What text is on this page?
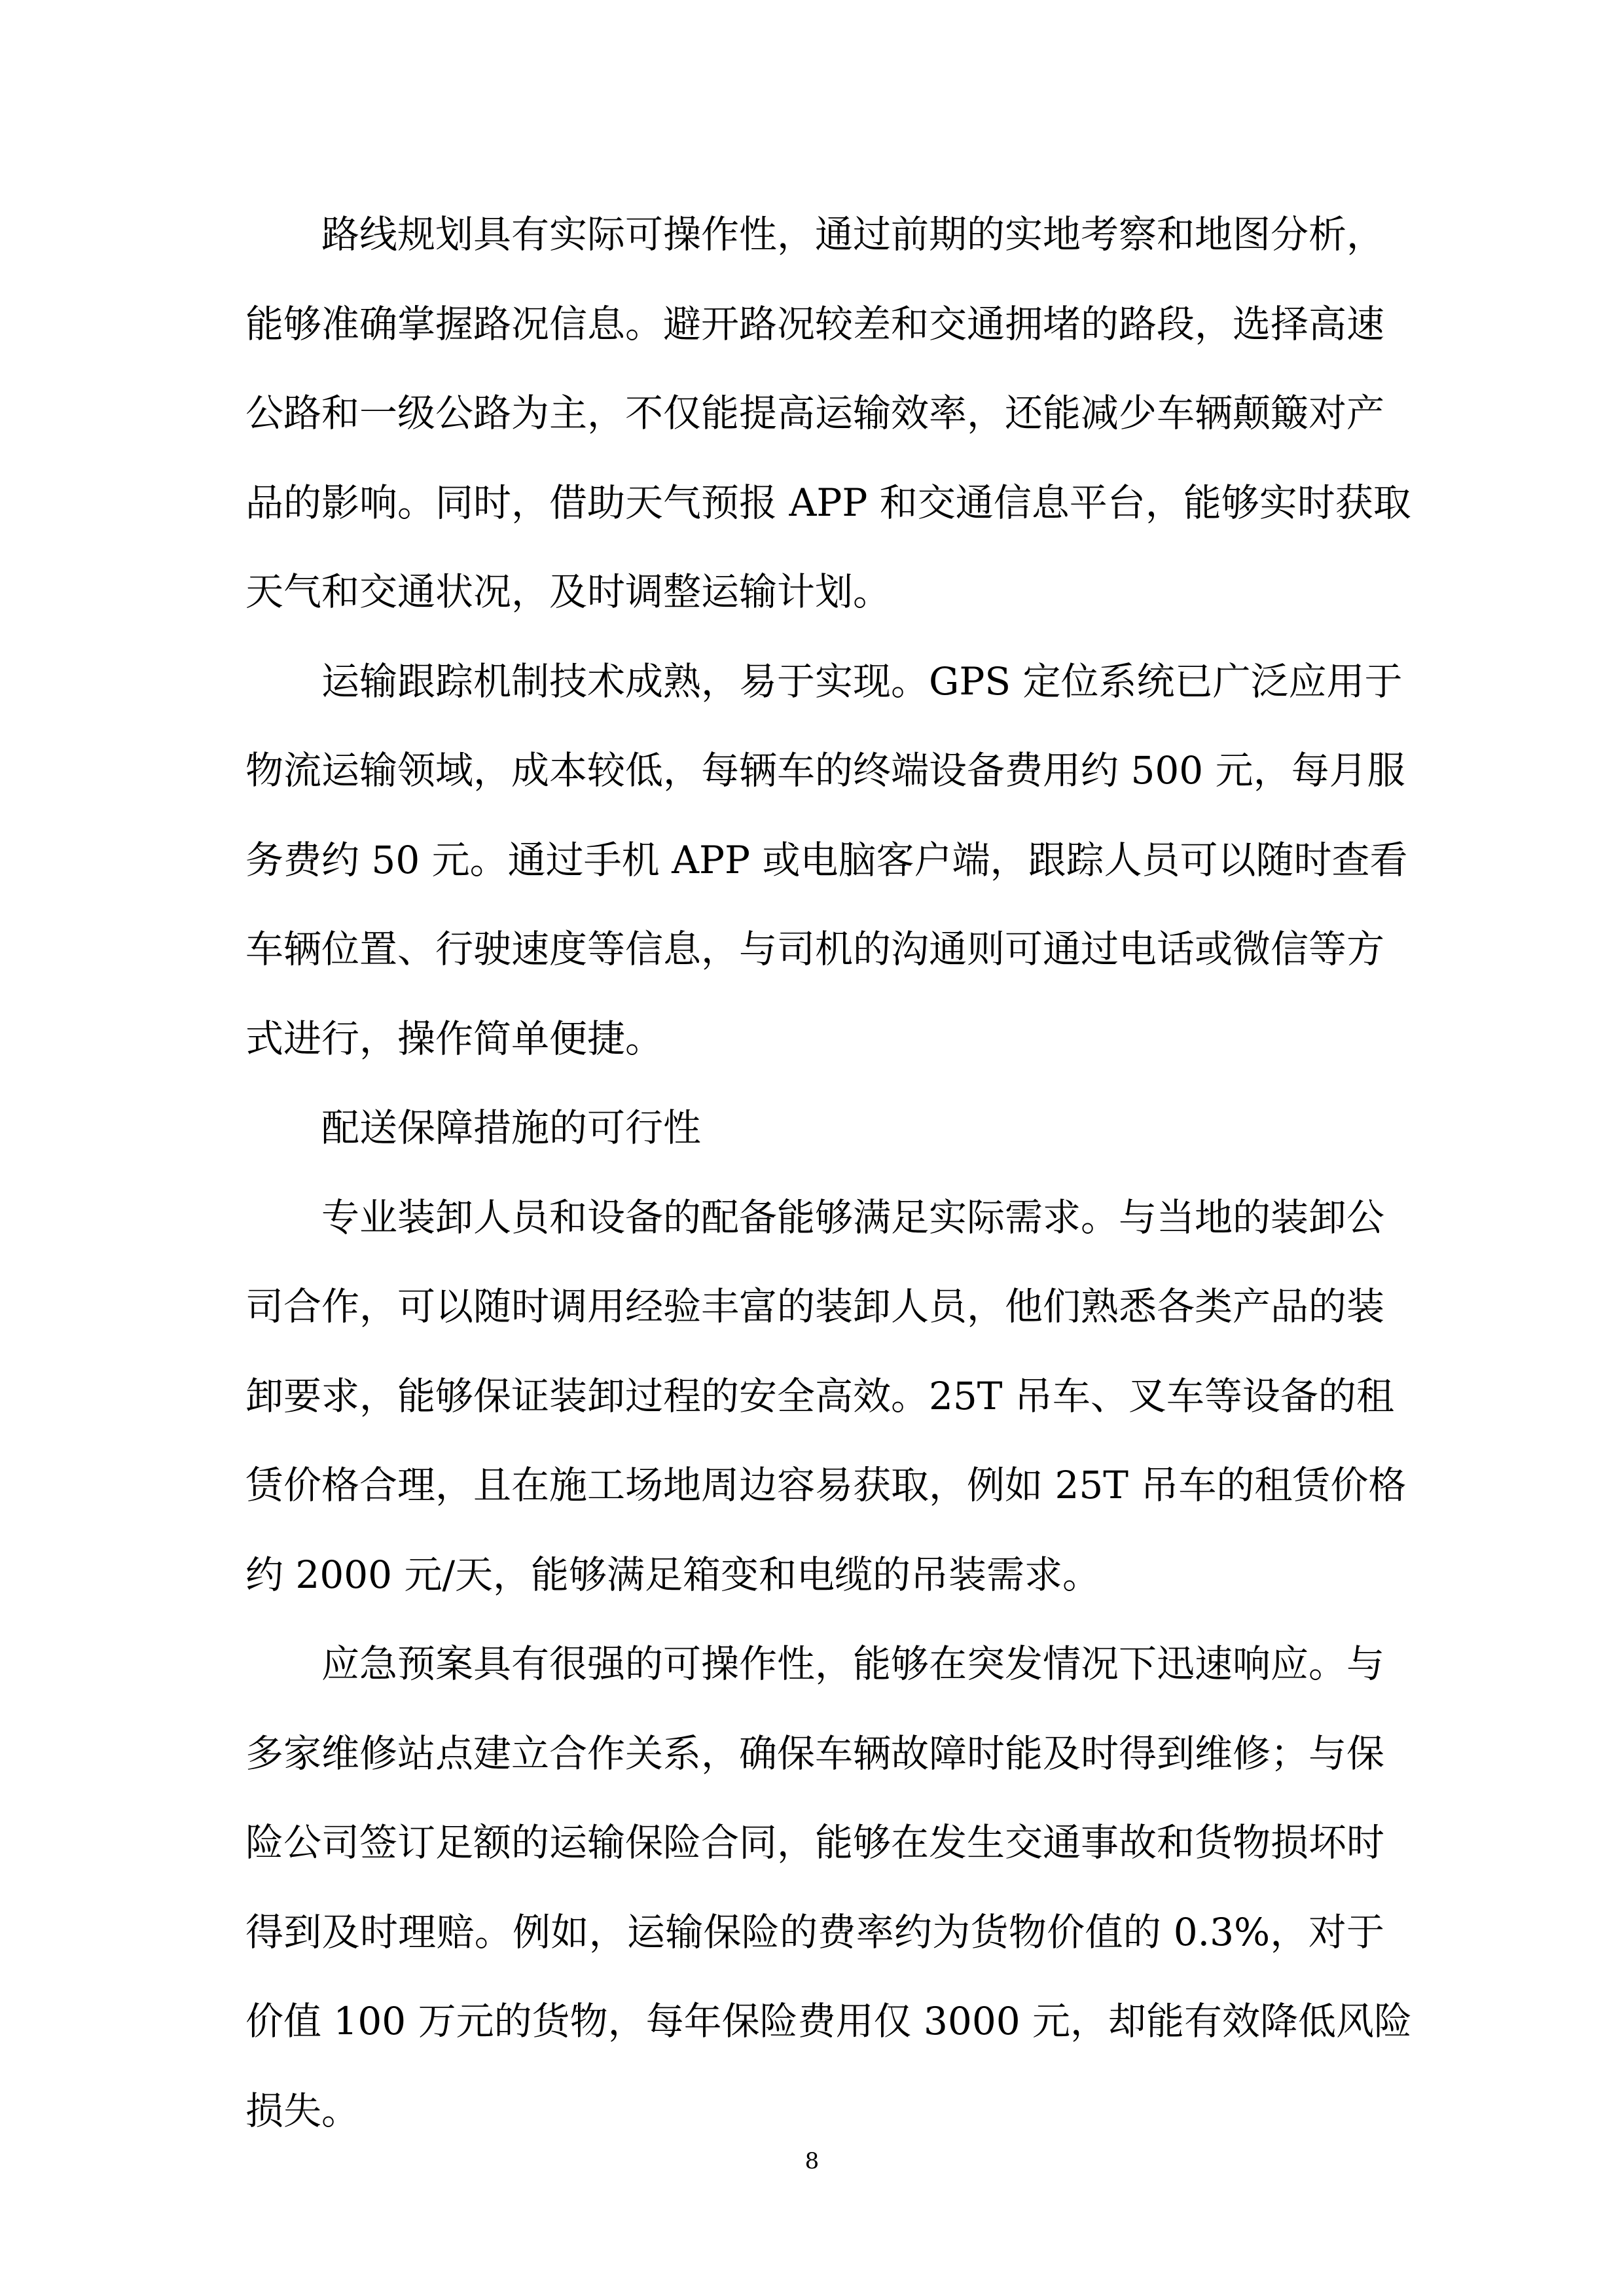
路线规划具有实际可操作性，通过前期的实地考察和地图分析，
能够准确掌握路况信息。避开路况较差和交通拥堵的路段，选择高速
公路和一级公路为主，不仅能提高运输效率，还能减少车辆颠簸对产
品的影响。同时，借助天气预报 APP 和交通信息平台，能够实时获取
天气和交通状况，及时调整运输计划。

运输跟踪机制技术成熟，易于实现。GPS 定位系统已广泛应用于
物流运输领域，成本较低，每辆车的终端设备费用约 500 元，每月服
务费约 50 元。通过手机 APP 或电脑客户端，跟踪人员可以随时查看
车辆位置、行驶速度等信息，与司机的沟通则可通过电话或微信等方
式进行，操作简单便捷。

配送保障措施的可行性

专业装卸人员和设备的配备能够满足实际需求。与当地的装卸公
司合作，可以随时调用经验丰富的装卸人员，他们熟悉各类产品的装
卸要求，能够保证装卸过程的安全高效。25T 吊车、叉车等设备的租
赁价格合理，且在施工场地周边容易获取，例如 25T 吊车的租赁价格
约 2000 元/天，能够满足箱变和电缆的吊装需求。

应急预案具有很强的可操作性，能够在突发情况下迅速响应。与
多家维修站点建立合作关系，确保车辆故障时能及时得到维修；与保
险公司签订足额的运输保险合同，能够在发生交通事故和货物损坏时
得到及时理赔。例如，运输保险的费率约为货物价值的 0.3%，对于
价值 100 万元的货物，每年保险费用仅 3000 元，却能有效降低风险
损失。

8
